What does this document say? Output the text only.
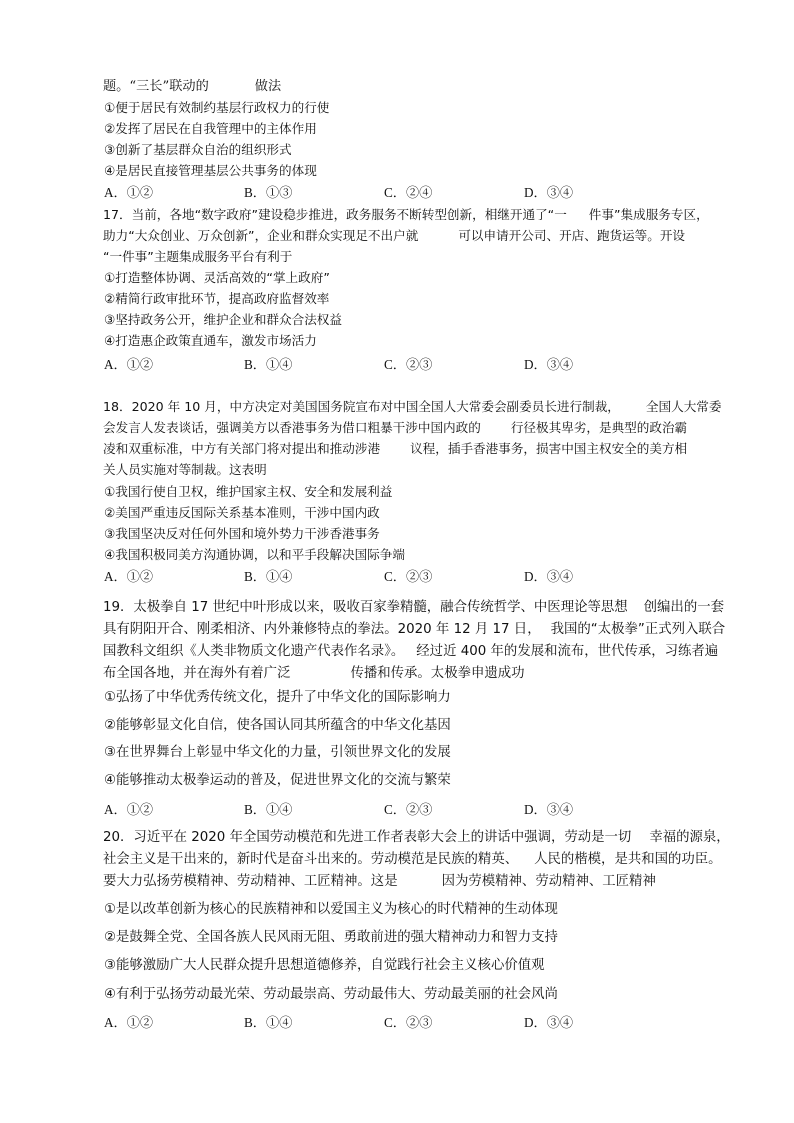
题。“三长”联动的	做法
①便于居民有效制约基层行政权力的行使
②发挥了居民在自我管理中的主体作用
③创新了基层群众自治的组织形式
④是居民直接管理基层公共事务的体现
A．①②	B．①③	C．②④	D．③④
17．当前，各地“数字政府”建设稳步推进，政务服务不断转型创新，相继开通了“一 件事”集成服务专区，
助力“大众创业、万众创新”，企业和群众实现足不出户就	可以申请开公司、开店、跑货运等。开设
“一件事”主题集成服务平台有利于
①打造整体协调、灵活高效的“掌上政府”
②精简行政审批环节，提高政府监督效率
③坚持政务公开，维护企业和群众合法权益
④打造惠企政策直通车，激发市场活力
A．①②	B．①④	C．②③	D．③④
18．2020 年 10 月，中方决定对美国国务院宣布对中国全国人大常委会副委员长进行制裁， 全国人大常委
会发言人发表谈话，强调美方以香港事务为借口粗暴干涉中国内政的 行径极其卑劣，是典型的政治霸
凌和双重标准，中方有关部门将对提出和推动涉港 议程，插手香港事务，损害中国主权安全的美方相
关人员实施对等制裁。这表明
①我国行使自卫权，维护国家主权、安全和发展利益
②美国严重违反国际关系基本准则，干涉中国内政
③我国坚决反对任何外国和境外势力干涉香港事务
④我国积极同美方沟通协调，以和平手段解决国际争端
A．①②	B．①④	C．②③	D．③④
19．太极拳自 17 世纪中叶形成以来，吸收百家拳精髓，融合传统哲学、中医理论等思想 创编出的一套
具有阴阳开合、刚柔相济、内外兼修特点的拳法。2020 年 12 月 17 日， 我国的“太极拳”正式列入联合
国教科文组织《人类非物质文化遗产代表作名录》。 经过近 400 年的发展和流布，世代传承，习练者遍
布全国各地，并在海外有着广泛	传播和传承。太极拳申遗成功
①弘扬了中华优秀传统文化，提升了中华文化的国际影响力
②能够彰显文化自信，使各国认同其所蕴含的中华文化基因
③在世界舞台上彰显中华文化的力量，引领世界文化的发展
④能够推动太极拳运动的普及，促进世界文化的交流与繁荣
A．①②	B．①④	C．②③	D．③④
20．习近平在 2020 年全国劳动模范和先进工作者表彰大会上的讲话中强调，劳动是一切 幸福的源泉，
社会主义是干出来的，新时代是奋斗出来的。劳动模范是民族的精英、 人民的楷模，是共和国的功臣。
要大力弘扬劳模精神、劳动精神、工匠精神。这是	因为劳模精神、劳动精神、工匠精神
①是以改革创新为核心的民族精神和以爱国主义为核心的时代精神的生动体现
②是鼓舞全党、全国各族人民风雨无阻、勇敢前进的强大精神动力和智力支持
③能够激励广大人民群众提升思想道德修养，自觉践行社会主义核心价值观
④有利于弘扬劳动最光荣、劳动最崇高、劳动最伟大、劳动最美丽的社会风尚
A．①②	B．①④	C．②③	D．③④
